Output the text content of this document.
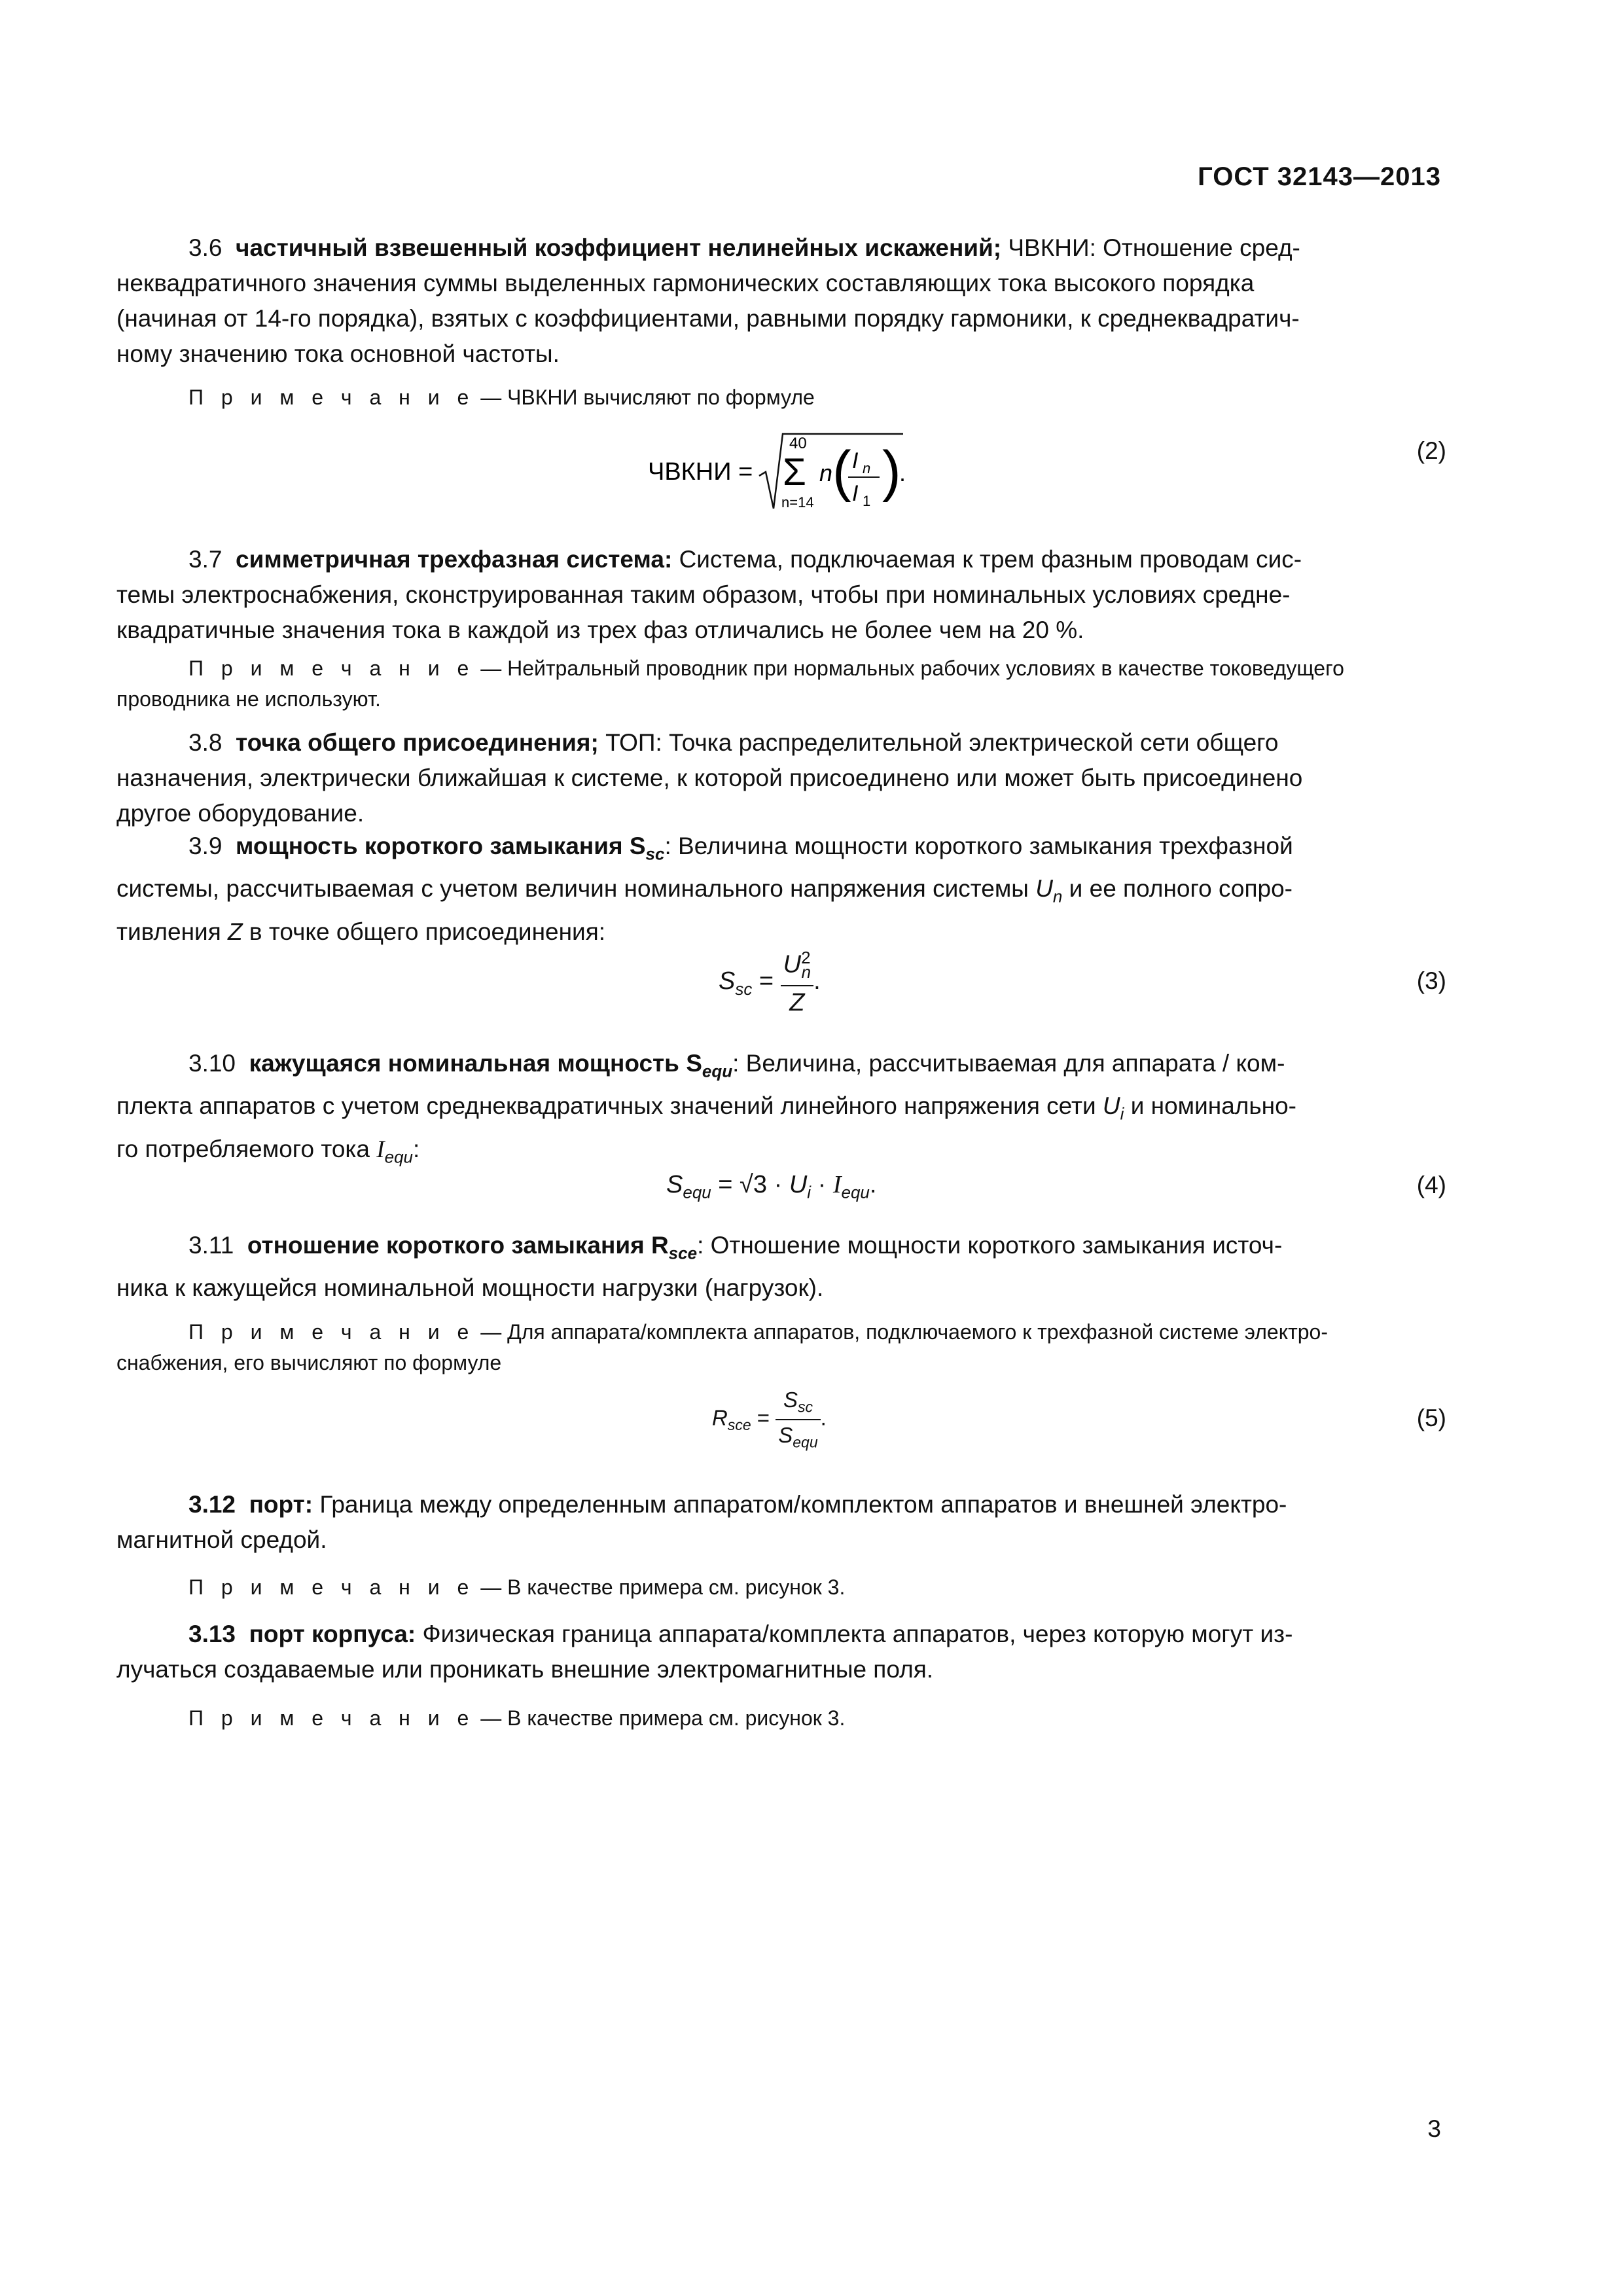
ГОСТ 32143—2013
3.6 частичный взвешенный коэффициент нелинейных искажений; ЧВКНИ: Отношение сред-
неквадратичного значения суммы выделенных гармонических составляющих тока высокого порядка
(начиная от 14-го порядка), взятых с коэффициентами, равными порядку гармоники, к среднеквадратич-
ному значению тока основной частоты.
П р и м е ч а н и е — ЧВКНИ вычисляют по формуле
ЧВКНИ =
40
Σ
n=14
n ( I n
I 1 )
.
(2)
3.7 симметричная трехфазная система: Система, подключаемая к трем фазным проводам сис-
темы электроснабжения, сконструированная таким образом, чтобы при номинальных условиях средне-
квадратичные значения тока в каждой из трех фаз отличались не более чем на 20 %.
П р и м е ч а н и е — Нейтральный проводник при нормальных рабочих условиях в качестве токоведущего
проводника не используют.
3.8 точка общего присоединения; ТОП: Точка распределительной электрической сети общего
назначения, электрически ближайшая к системе, к которой присоединено или может быть присоединено
другое оборудование.
3.9 мощность короткого замыкания $S_{sc}$: Величина мощности короткого замыкания трехфазной
системы, рассчитываемая с учетом величин номинального напряжения системы $U_n$ и ее полного сопро-
тивления Z в точке общего присоединения:
$S_{sc} = \frac{U^2_n}{Z}$ .	(3)
3.10 кажущаяся номинальная мощность $S_{equ}$: Величина, рассчитываемая для аппарата / ком-
плекта аппаратов с учетом среднеквадратичных значений линейного напряжения сети $U_i$ и номинально-
го потребляемого тока $I_{equ}$:
$S_{equ} = √3 \cdot U_i \cdot I_{equ}$.	(4)
3.11 отношение короткого замыкания $R_{sce}$: Отношение мощности короткого замыкания источ-
ника к кажущейся номинальной мощности нагрузки (нагрузок).
П р и м е ч а н и е — Для аппарата/комплекта аппаратов, подключаемого к трехфазной системе электро-
снабжения, его вычисляют по формуле
$R_{sce} = \frac{S_{sc}}{S_{equ}}$ .	(5)
3.12 порт: Граница между определенным аппаратом/комплектом аппаратов и внешней электро-
магнитной средой.
П р и м е ч а н и е — В качестве примера см. рисунок 3.
3.13 порт корпуса: Физическая граница аппарата/комплекта аппаратов, через которую могут из-
лучаться создаваемые или проникать внешние электромагнитные поля.
П р и м е ч а н и е — В качестве примера см. рисунок 3.
3
